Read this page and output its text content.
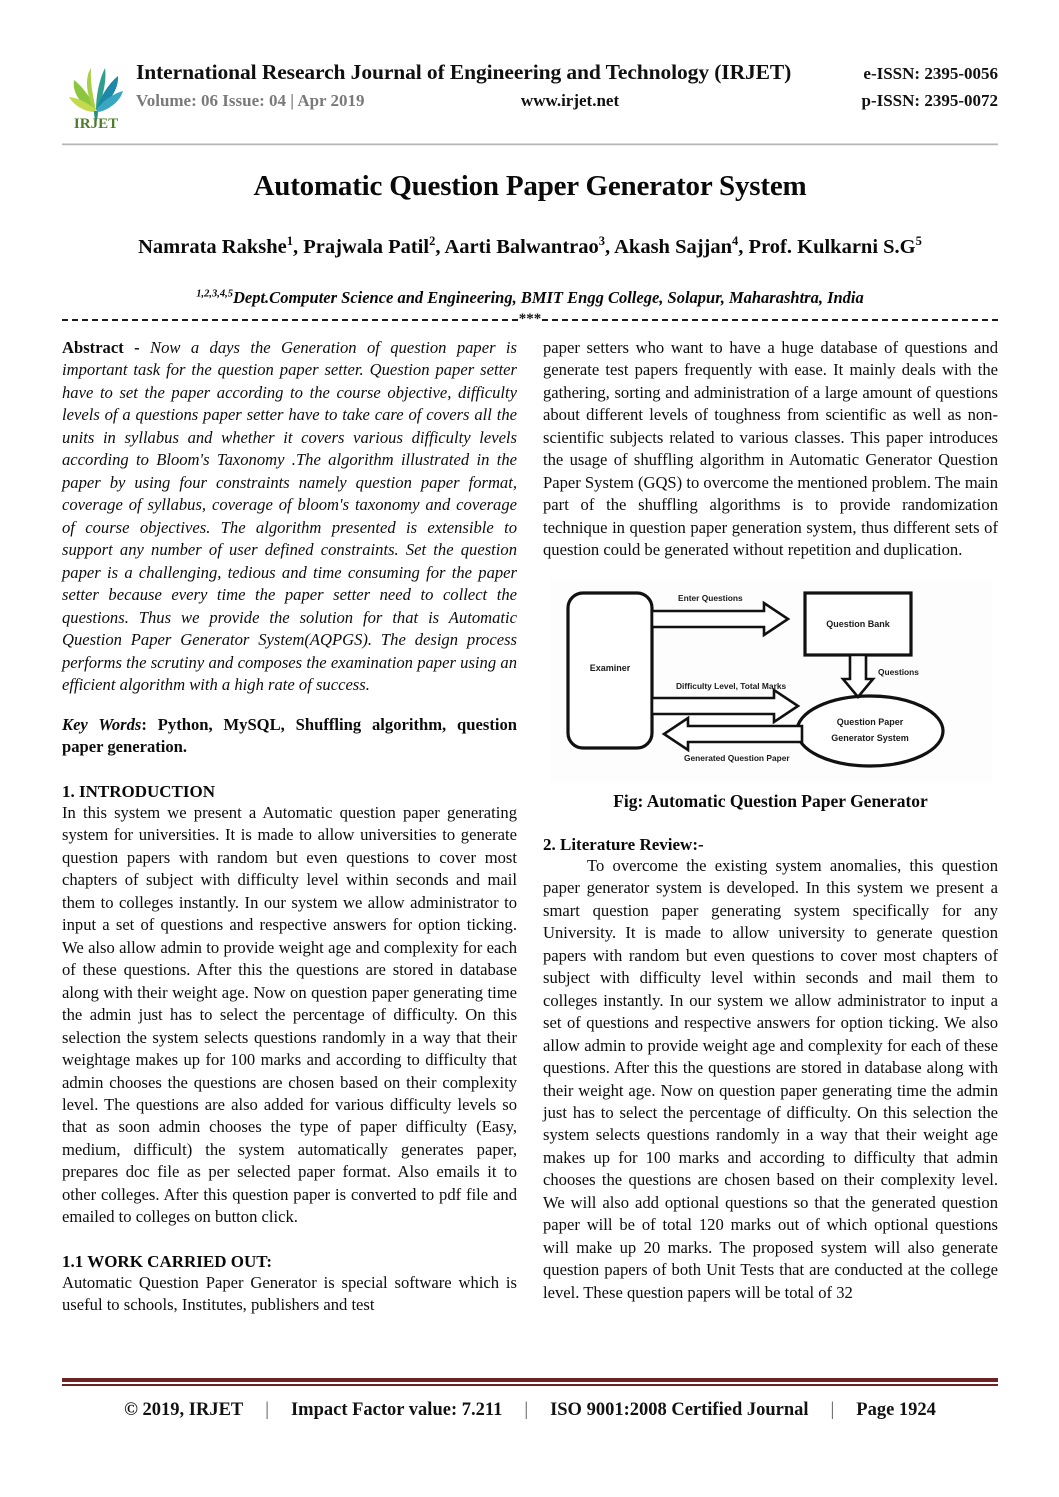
IRJET
International Research Journal of Engineering and Technology (IRJET)	e-ISSN: 2395-0056
Volume: 06 Issue: 04 | Apr 2019	www.irjet.net	p-ISSN: 2395-0072
Automatic Question Paper Generator System
Namrata Rakshe$^1$, Prajwala Patil$^2$, Aarti Balwantrao$^3$, Akash Sajjan$^4$, Prof. Kulkarni $S.G^5$
$^{1,2,3,4,5}$Dept.Computer Science and Engineering, BMIT Engg College, Solapur, Maharashtra, India
***

Abstract - Now a days the Generation of question paper is important task for the question paper setter. Question paper setter have to set the paper according to the course objective, difficulty levels of a questions paper setter have to take care of covers all the units in syllabus and whether it covers various difficulty levels according to Bloom's Taxonomy .The algorithm illustrated in the paper by using four constraints namely question paper format, coverage of syllabus, coverage of bloom's taxonomy and coverage of course objectives. The algorithm presented is extensible to support any number of user defined constraints. Set the question paper is a challenging, tedious and time consuming for the paper setter because every time the paper setter need to collect the questions. Thus we provide the solution for that is Automatic Question Paper Generator System(AQPGS). The design process performs the scrutiny and composes the examination paper using an efficient algorithm with a high rate of success.

Key Words: Python, MySQL, Shuffling algorithm, question paper generation.

1. INTRODUCTION

In this system we present a Automatic question paper generating system for universities. It is made to allow universities to generate question papers with random but even questions to cover most chapters of subject with difficulty level within seconds and mail them to colleges instantly. In our system we allow administrator to input a set of questions and respective answers for option ticking. We also allow admin to provide weight age and complexity for each of these questions. After this the questions are stored in database along with their weight age. Now on question paper generating time the admin just has to select the percentage of difficulty. On this selection the system selects questions randomly in a way that their weightage makes up for 100 marks and according to difficulty that admin chooses the questions are chosen based on their complexity level. The questions are also added for various difficulty levels so that as soon admin chooses the type of paper difficulty (Easy, medium, difficult) the system automatically generates paper, prepares doc file as per selected paper format. Also emails it to other colleges. After this question paper is converted to pdf file and emailed to colleges on button click.

1.1 WORK CARRIED OUT:

Automatic Question Paper Generator is special software which is useful to schools, Institutes, publishers and test

paper setters who want to have a huge database of questions and generate test papers frequently with ease. It mainly deals with the gathering, sorting and administration of a large amount of questions about different levels of toughness from scientific as well as non-scientific subjects related to various classes. This paper introduces the usage of shuffling algorithm in Automatic Generator Question Paper System (GQS) to overcome the mentioned problem. The main part of the shuffling algorithms is to provide randomization technique in question paper generation system, thus different sets of question could be generated without repetition and duplication.

Examiner
Question Bank
Question Paper
Generator System
Enter Questions
Questions
Difficulty Level, Total Marks
Generated Question Paper
Fig: Automatic Question Paper Generator
2. Literature Review:-

To overcome the existing system anomalies, this question paper generator system is developed. In this system we present a smart question paper generating system specifically for any University. It is made to allow university to generate question papers with random but even questions to cover most chapters of subject with difficulty level within seconds and mail them to colleges instantly. In our system we allow administrator to input a set of questions and respective answers for option ticking. We also allow admin to provide weight age and complexity for each of these questions. After this the questions are stored in database along with their weight age. Now on question paper generating time the admin just has to select the percentage of difficulty. On this selection the system selects questions randomly in a way that their weight age makes up for 100 marks and according to difficulty that admin chooses the questions are chosen based on their complexity level. We will also add optional questions so that the generated question paper will be of total 120 marks out of which optional questions will make up 20 marks. The proposed system will also generate question papers of both Unit Tests that are conducted at the college level. These question papers will be total of 32

© 2019, IRJET	|	Impact Factor value: 7.211	|	ISO 9001:2008 Certified Journal	|	Page 1924
